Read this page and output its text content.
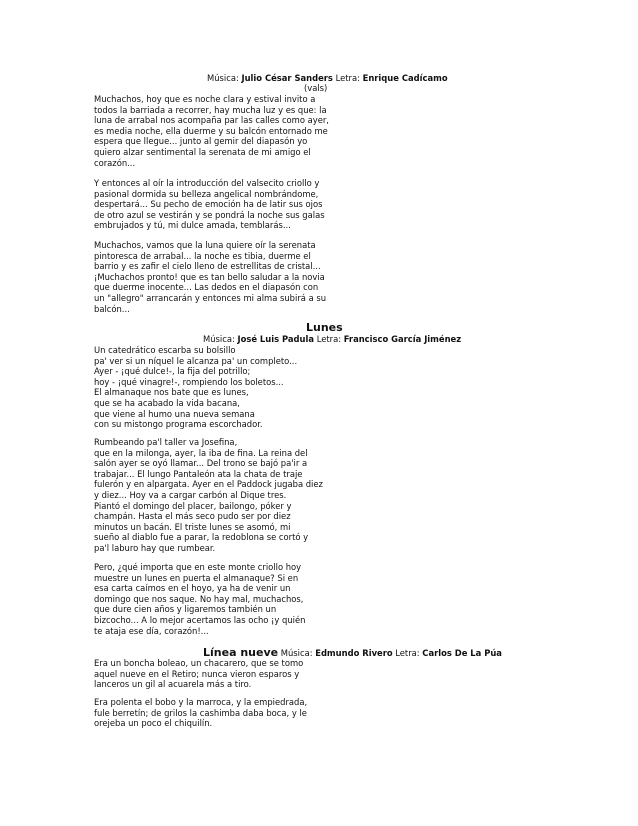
Música: Julio César Sanders Letra: Enrique Cadícamo
(vals)

Muchachos, hoy que es noche clara y estival invito a
todos la barriada a recorrer, hay mucha luz y es que: la
luna de arrabal nos acompaña par las calles como ayer,
es media noche, ella duerme y su balcón entornado me
espera que llegue... junto al gemir del diapasón yo
quiero alzar sentimental la serenata de mi amigo el
corazón...

Y entonces al oír la introducción del valsecito criollo y
pasional dormida su belleza angelical nombrándome,
despertará... Su pecho de emoción ha de latir sus ojos
de otro azul se vestirán y se pondrá la noche sus galas
embrujados y tú, mi dulce amada, temblarás...

Muchachos, vamos que la luna quiere oír la serenata
pintoresca de arrabal... la noche es tibia, duerme el
barrio y es zafir el cielo lleno de estrellitas de cristal...
¡Muchachos pronto! que es tan bello saludar a la novia
que duerme inocente... Las dedos en el diapasón con
un "allegro" arrancarán y entonces mi alma subirá a su
balcón...

Lunes
Música: José Luis Padula Letra: Francisco García Jiménez

Un catedrático escarba su bolsillo
pa' ver si un níquel le alcanza pa' un completo...
Ayer - ¡qué dulce!-, la fija del potrillo;
hoy - ¡qué vinagre!-, rompiendo los boletos...
El almanaque nos bate que es lunes,
que se ha acabado la vida bacana,
que viene al humo una nueva semana
con su mistongo programa escorchador.

Rumbeando pa'l taller va Josefina,
que en la milonga, ayer, la iba de fina. La reina del
salón ayer se oyó llamar... Del trono se bajó pa'ir a
trabajar... El lungo Pantaleón ata la chata de traje
fulerón y en alpargata. Ayer en el Paddock jugaba diez
y diez... Hoy va a cargar carbón al Dique tres.
Piantó el domingo del placer, bailongo, póker y
champán. Hasta el más seco pudo ser por diez
minutos un bacán. El triste lunes se asomó, mi
sueño al diablo fue a parar, la redoblona se cortó y
pa'l laburo hay que rumbear.

Pero, ¿qué importa que en este monte criollo hoy
muestre un lunes en puerta el almanaque? Si en
esa carta caímos en el hoyo, ya ha de venir un
domingo que nos saque. No hay mal, muchachos,
que dure cien años y ligaremos también un
bizcocho... A lo mejor acertamos las ocho ¡y quién
te ataja ese día, corazón!...

Línea nueve Música: Edmundo Rivero Letra: Carlos De La Púa

Era un boncha boleao, un chacarero, que se tomo
aquel nueve en el Retiro; nunca vieron esparos y
lanceros un gil al acuarela más a tiro.

Era polenta el bobo y la marroca, y la empiedrada,
fule berretín; de grilos la cashimba daba boca, y le
orejeba un poco el chiquilín.
